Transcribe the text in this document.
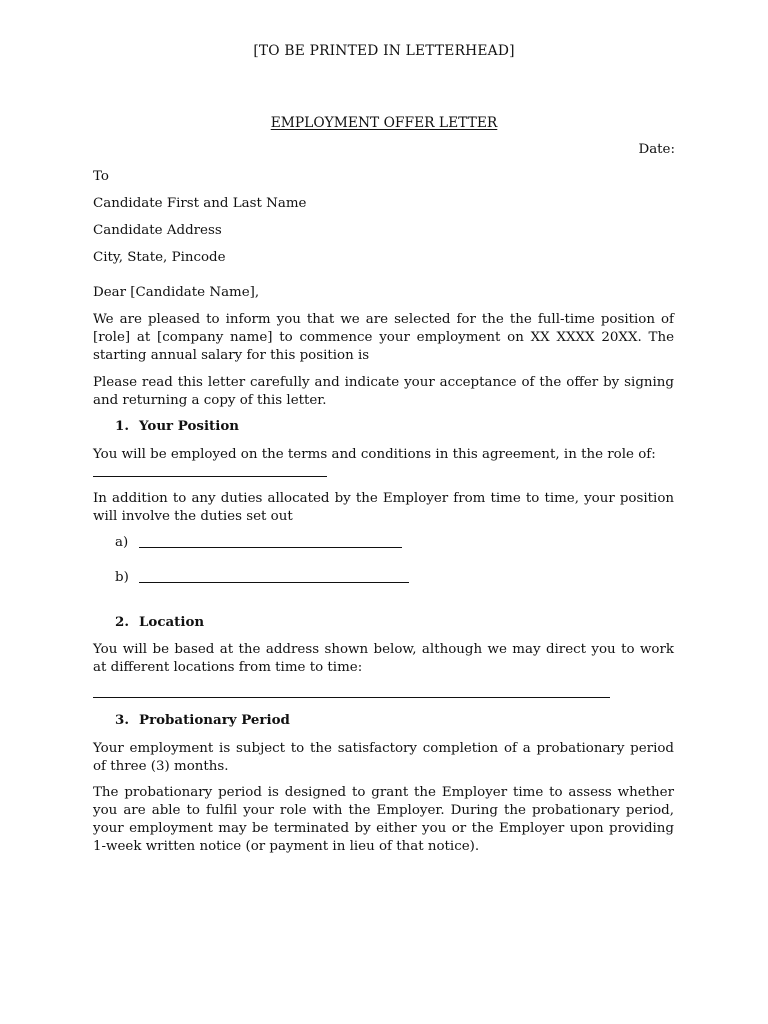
[TO BE PRINTED IN LETTERHEAD]
EMPLOYMENT OFFER LETTER
Date:
To
Candidate First and Last Name
Candidate Address
City, State, Pincode
Dear [Candidate Name],
We are pleased to inform you that we are selected for the the full-time position of [role] at [company name] to commence your employment on XX XXXX 20XX. The starting annual salary for this position is
Please read this letter carefully and indicate your acceptance of the offer by signing and returning a copy of this letter.
1. Your Position
You will be employed on the terms and conditions in this agreement, in the role of:
In addition to any duties allocated by the Employer from time to time, your position will involve the duties set out
a)
b)
2. Location
You will be based at the address shown below, although we may direct you to work at different locations from time to time:
3. Probationary Period
Your employment is subject to the satisfactory completion of a probationary period of three (3) months.
The probationary period is designed to grant the Employer time to assess whether you are able to fulfil your role with the Employer. During the probationary period, your employment may be terminated by either you or the Employer upon providing 1-week written notice (or payment in lieu of that notice).
